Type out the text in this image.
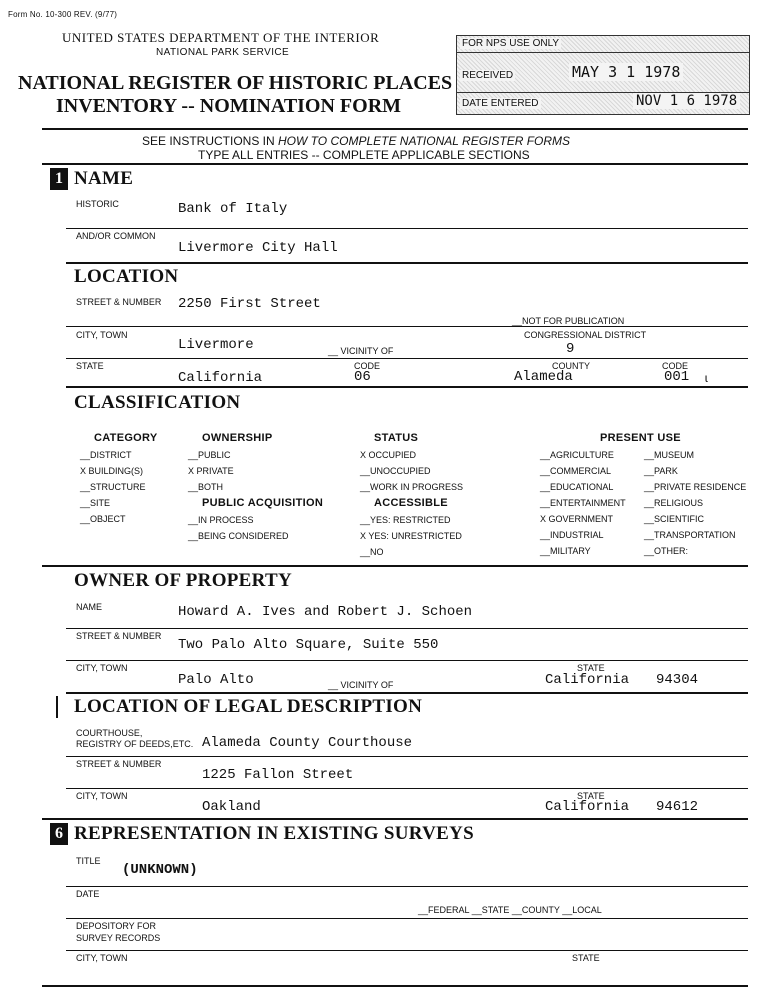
Form No. 10-300 REV. (9/77)
UNITED STATES DEPARTMENT OF THE INTERIOR
NATIONAL PARK SERVICE
NATIONAL REGISTER OF HISTORIC PLACES
INVENTORY -- NOMINATION FORM
FOR NPS USE ONLY
RECEIVED	MAY 3 1 1978
DATE ENTERED	NOV 1 6 1978
SEE INSTRUCTIONS IN HOW TO COMPLETE NATIONAL REGISTER FORMS
TYPE ALL ENTRIES -- COMPLETE APPLICABLE SECTIONS
1 NAME
HISTORIC	Bank of Italy
AND/OR COMMON
Livermore City Hall
LOCATION
STREET & NUMBER 2250 First Street
__NOT FOR PUBLICATION
CITY, TOWN	CONGRESSIONAL DISTRICT
Livermore	__ VICINITY OF	9
STATE	CODE	COUNTY	CODE
California	06	Alameda	001 ɩ
CLASSIFICATION
CATEGORY
__DISTRICT
X BUILDING(S)
__STRUCTURE
__SITE
__OBJECT
OWNERSHIP
__PUBLIC
X PRIVATE
__BOTH
PUBLIC ACQUISITION
__IN PROCESS
__BEING CONSIDERED
STATUS
X OCCUPIED
__UNOCCUPIED
__WORK IN PROGRESS
ACCESSIBLE
__YES: RESTRICTED
X YES: UNRESTRICTED
__NO
PRESENT USE
__AGRICULTURE
__COMMERCIAL
__EDUCATIONAL
__ENTERTAINMENT
X GOVERNMENT
__INDUSTRIAL
__MILITARY
__MUSEUM
__PARK
__PRIVATE RESIDENCE
__RELIGIOUS
__SCIENTIFIC
__TRANSPORTATION
__OTHER:
OWNER OF PROPERTY
NAME	Howard A. Ives and Robert J. Schoen
STREET & NUMBER
Two Palo Alto Square, Suite 550
CITY, TOWN	STATE
Palo Alto	__ VICINITY OF	California 94304
LOCATION OF LEGAL DESCRIPTION
COURTHOUSE,
REGISTRY OF DEEDS,ETC. Alameda County Courthouse
STREET & NUMBER
1225 Fallon Street
CITY, TOWN	STATE
Oakland	California 94612
6 REPRESENTATION IN EXISTING SURVEYS
TITLE
(UNKNOWN)
DATE
__FEDERAL __STATE __COUNTY __LOCAL
DEPOSITORY FOR
SURVEY RECORDS
CITY, TOWN	STATE
